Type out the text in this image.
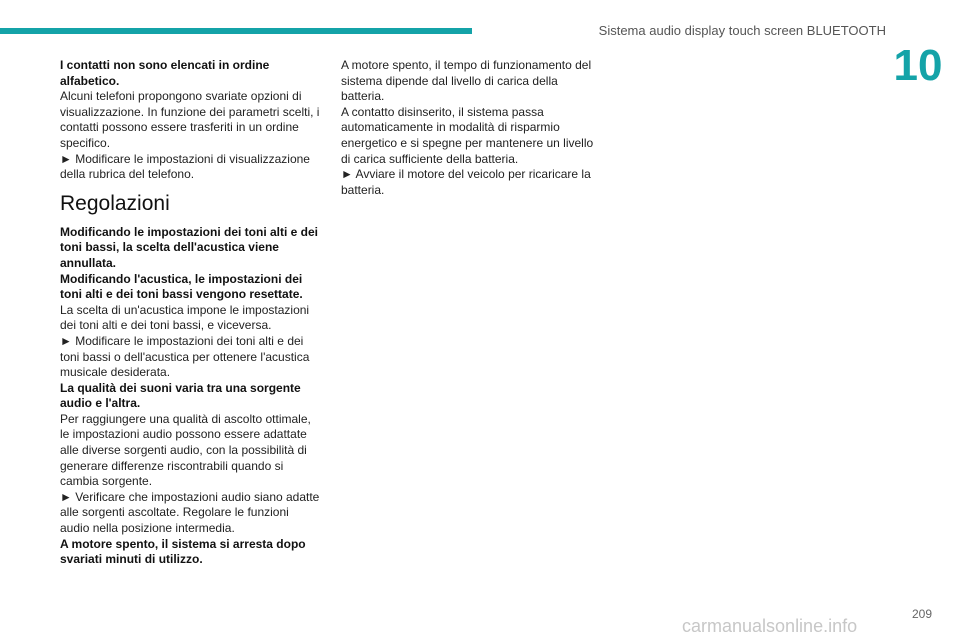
Sistema audio display touch screen BLUETOOTH
10

I contatti non sono elencati in ordine alfabetico.

Alcuni telefoni propongono svariate opzioni di visualizzazione. In funzione dei parametri scelti, i contatti possono essere trasferiti in un ordine specifico.

► Modificare le impostazioni di visualizzazione della rubrica del telefono.

Regolazioni

Modificando le impostazioni dei toni alti e dei toni bassi, la scelta dell'acustica viene annullata.

Modificando l'acustica, le impostazioni dei toni alti e dei toni bassi vengono resettate.

La scelta di un'acustica impone le impostazioni dei toni alti e dei toni bassi, e viceversa.

► Modificare le impostazioni dei toni alti e dei toni bassi o dell'acustica per ottenere l'acustica musicale desiderata.

La qualità dei suoni varia tra una sorgente audio e l'altra.

Per raggiungere una qualità di ascolto ottimale, le impostazioni audio possono essere adattate alle diverse sorgenti audio, con la possibilità di generare differenze riscontrabili quando si cambia sorgente.

► Verificare che impostazioni audio siano adatte alle sorgenti ascoltate. Regolare le funzioni audio nella posizione intermedia.

A motore spento, il sistema si arresta dopo svariati minuti di utilizzo.

A motore spento, il tempo di funzionamento del sistema dipende dal livello di carica della batteria.

A contatto disinserito, il sistema passa automaticamente in modalità di risparmio energetico e si spegne per mantenere un livello di carica sufficiente della batteria.

► Avviare il motore del veicolo per ricaricare la batteria.

209
carmanualsonline.info
